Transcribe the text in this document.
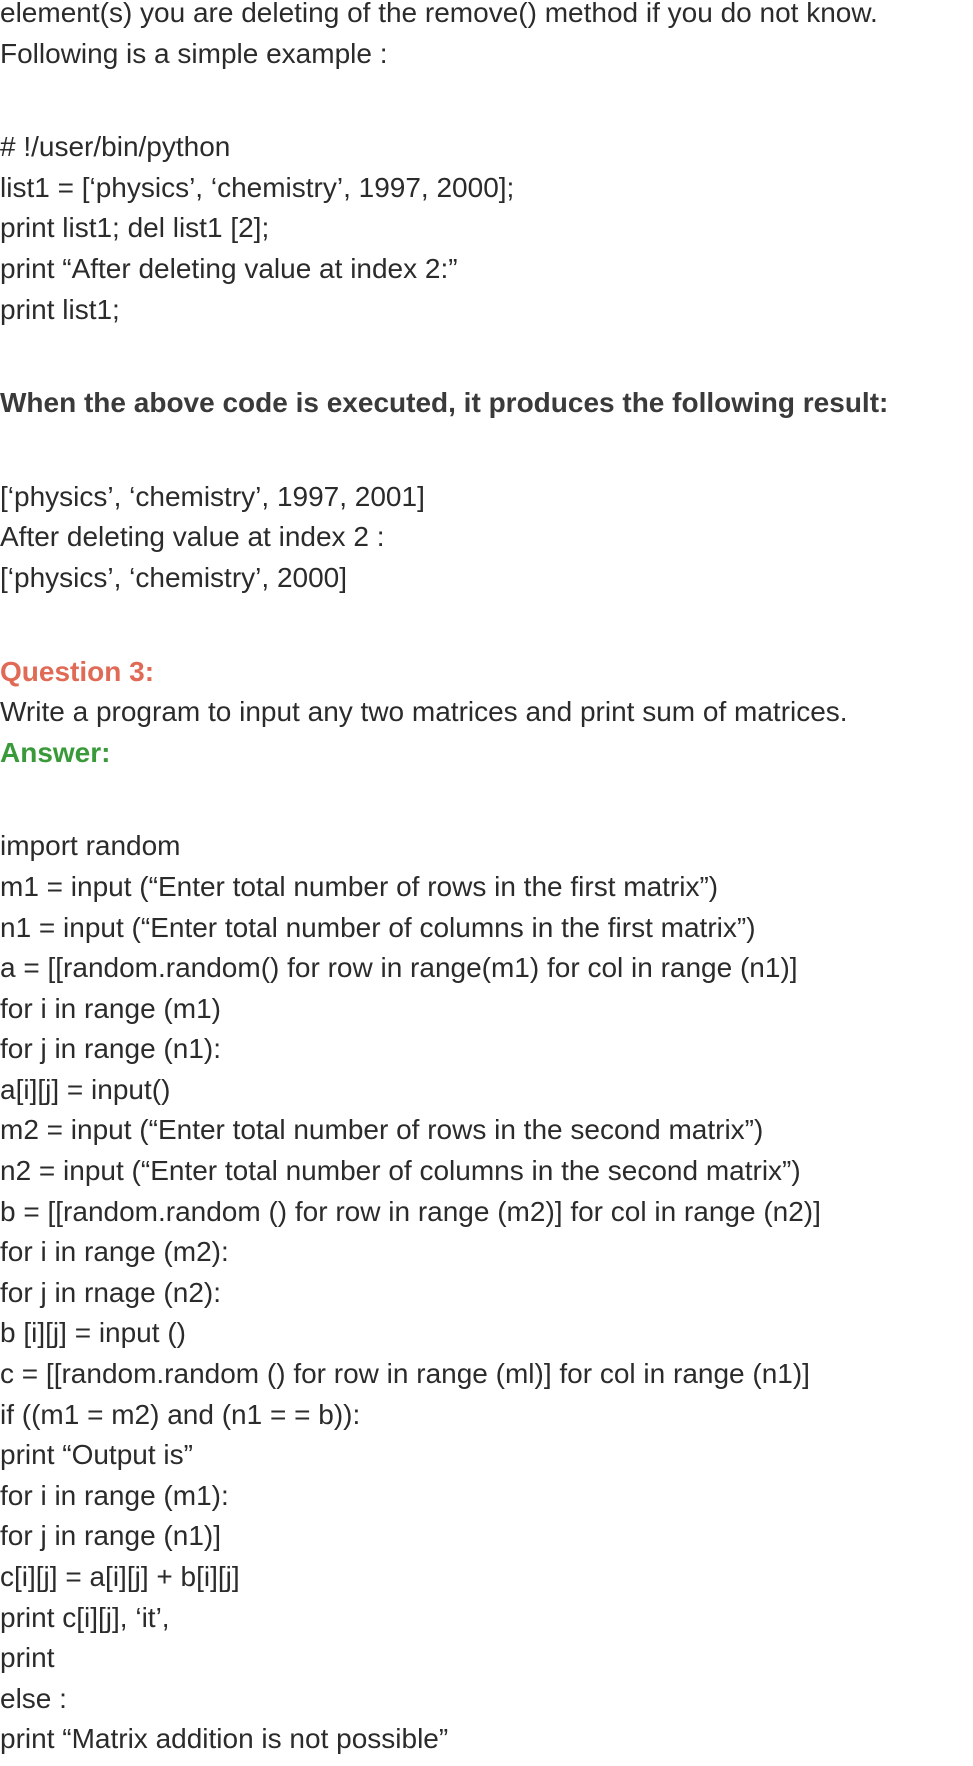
element(s) you are deleting of the remove() method if you do not know.
Following is a simple example :
# !/user/bin/python
list1 = [‘physics’, ‘chemistry’, 1997, 2000];
print list1; del list1 [2];
print “After deleting value at index 2:”
print list1;
When the above code is executed, it produces the following result:
[‘physics’, ‘chemistry’, 1997, 2001]
After deleting value at index 2 :
[‘physics’, ‘chemistry’, 2000]
Question 3:
Write a program to input any two matrices and print sum of matrices.
Answer:
import random
m1 = input (“Enter total number of rows in the first matrix”)
n1 = input (“Enter total number of columns in the first matrix”)
a = [[random.random() for row in range(m1) for col in range (n1)]
for i in range (m1)
for j in range (n1):
a[i][j] = input()
m2 = input (“Enter total number of rows in the second matrix”)
n2 = input (“Enter total number of columns in the second matrix”)
b = [[random.random () for row in range (m2)] for col in range (n2)]
for i in range (m2):
for j in rnage (n2):
b [i][j] = input ()
c = [[random.random () for row in range (ml)] for col in range (n1)]
if ((m1 = m2) and (n1 = = b)):
print “Output is”
for i in range (m1):
for j in range (n1)]
c[i][j] = a[i][j] + b[i][j]
print c[i][j], ‘it’,
print
else :
print “Matrix addition is not possible”
